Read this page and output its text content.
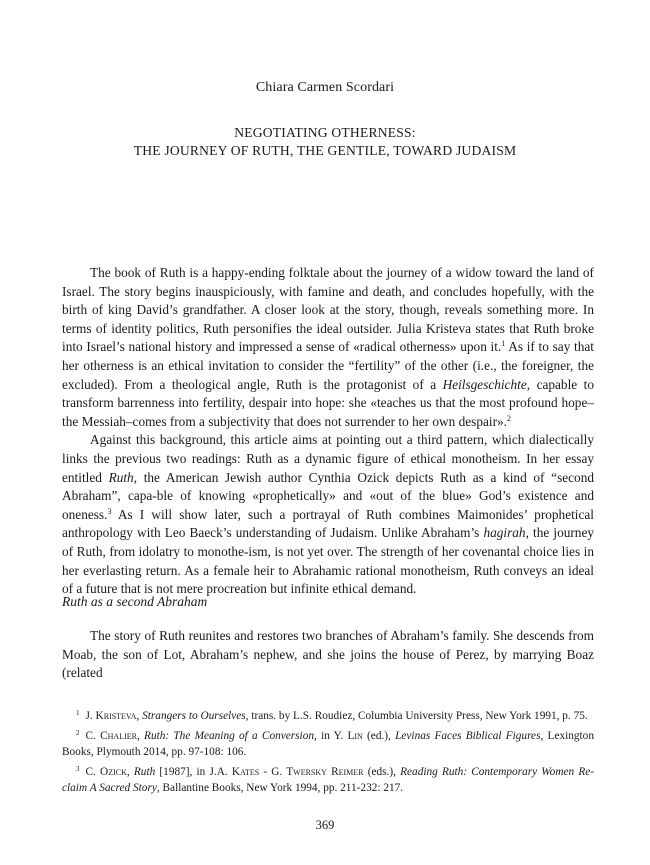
Chiara Carmen Scordari
NEGOTIATING OTHERNESS:
THE JOURNEY OF RUTH, THE GENTILE, TOWARD JUDAISM

The book of Ruth is a happy-ending folktale about the journey of a widow toward the land of Israel. The story begins inauspiciously, with famine and death, and concludes hopefully, with the birth of king David’s grandfather. A closer look at the story, though, reveals something more. In terms of identity politics, Ruth personifies the ideal outsider. Julia Kristeva states that Ruth broke into Israel’s national history and impressed a sense of «radical otherness» upon it.$^1$ As if to say that her otherness is an ethical invitation to consider the “fertility” of the other (i.e., the foreigner, the excluded). From a theological angle, Ruth is the protagonist of a Heilsgeschichte, capable to transform barrenness into fertility, despair into hope: she «teaches us that the most profound hope–the Messiah–comes from a subjectivity that does not surrender to her own despair».$^2$

Against this background, this article aims at pointing out a third pattern, which dialectically links the previous two readings: Ruth as a dynamic figure of ethical monotheism. In her essay entitled Ruth, the American Jewish author Cynthia Ozick depicts Ruth as a kind of “second Abraham”, capa-ble of knowing «prophetically» and «out of the blue» God’s existence and oneness.$^3$ As I will show later, such a portrayal of Ruth combines Maimonides’ prophetical anthropology with Leo Baeck’s understanding of Judaism. Unlike Abraham’s hagirah, the journey of Ruth, from idolatry to monothe-ism, is not yet over. The strength of her covenantal choice lies in her everlasting return. As a female heir to Abrahamic rational monotheism, Ruth conveys an ideal of a future that is not mere procreation but infinite ethical demand.

Ruth as a second Abraham

The story of Ruth reunites and restores two branches of Abraham’s family. She descends from Moab, the son of Lot, Abraham’s nephew, and she joins the house of Perez, by marrying Boaz (related

$^1$ J. Kristeva, Strangers to Ourselves, trans. by L.S. Roudiez, Columbia University Press, New York 1991, p. 75.

$^2$ C. Chalier, Ruth: The Meaning of a Conversion, in Y. Lin (ed.), Levinas Faces Biblical Figures, Lexington Books, Plymouth 2014, pp. 97-108: 106.

$^3$ C. Ozick, Ruth [1987], in J.A. Kates - G. Twersky Reimer (eds.), Reading Ruth: Contemporary Women Re-claim A Sacred Story, Ballantine Books, New York 1994, pp. 211-232: 217.

369
